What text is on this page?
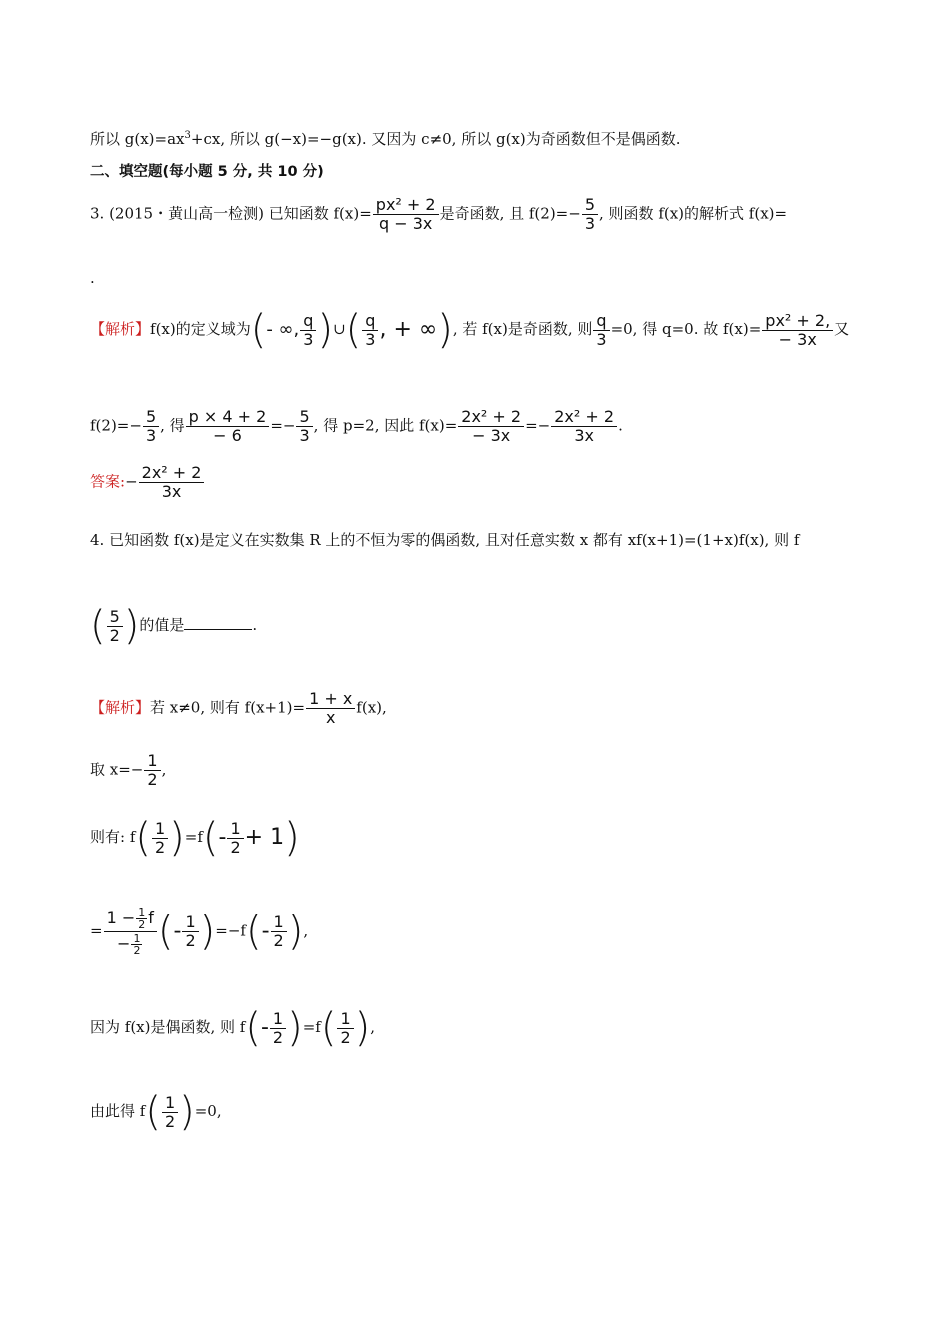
所以 $g(x)=ax^3+cx$, 所以 g(−x)=−g(x). 又因为 c≠0, 所以 g(x)为奇函数但不是偶函数.
二、填空题(每小题 5 分, 共 10 分)
3. (2015・黄山高一检测) 已知函数 $f(x)= \frac{\text{px² + 2}}{q - 3x}$ 是奇函数, 且 $f(2)=- \frac{5}{3}$ , 则函数 f(x)的解析式 f(x)=
.
【解析】f(x)的定义域为(- ∞, $\frac{q}{3}$ )∪( $\frac{q}{3}$ , + ∞), 若 f(x)是奇函数, 则 $\frac{q}{3} =0$, 得 q=0. 故 $f(x)= \frac{\text{px² + 2,}}{- 3x}$ 又
$f(2)=- \frac{5}{3}$ , 得 $\frac{p \times 4 + 2}{- 6} =- \frac{5}{3}$ , 得 p=2, 因此 $f(x)= \frac{\text{2x² + 2}}{- 3x} =- \frac{\text{2x² + 2}}{3x}$ .
答案:− $\frac{\text{2x² + 2}}{3x}$
4. 已知函数 f(x)是定义在实数集 R 上的不恒为零的偶函数, 且对任意实数 x 都有 xf(x+1)=(1+x)f(x), 则 f
( $\frac{5}{2}$ )的值是	.
【解析】若 x≠0, 则有 $f(x+1)= \frac{1 + x}{x} f(x)$,
取 $x=- \frac{1}{2}$ ,
则有: $f( \frac{1}{2} )=f(- \frac{1}{2} + 1)$
= $\frac{1 - \frac{1}{2} f}{- \frac{1}{2}}$ (- $\frac{1}{2} )=-f(- \frac{1}{2}$ ),
因为 f(x)是偶函数, 则 $f(- \frac{1}{2} )=f( \frac{1}{2}$ ),
由此得 $f( \frac{1}{2} )=0$,
